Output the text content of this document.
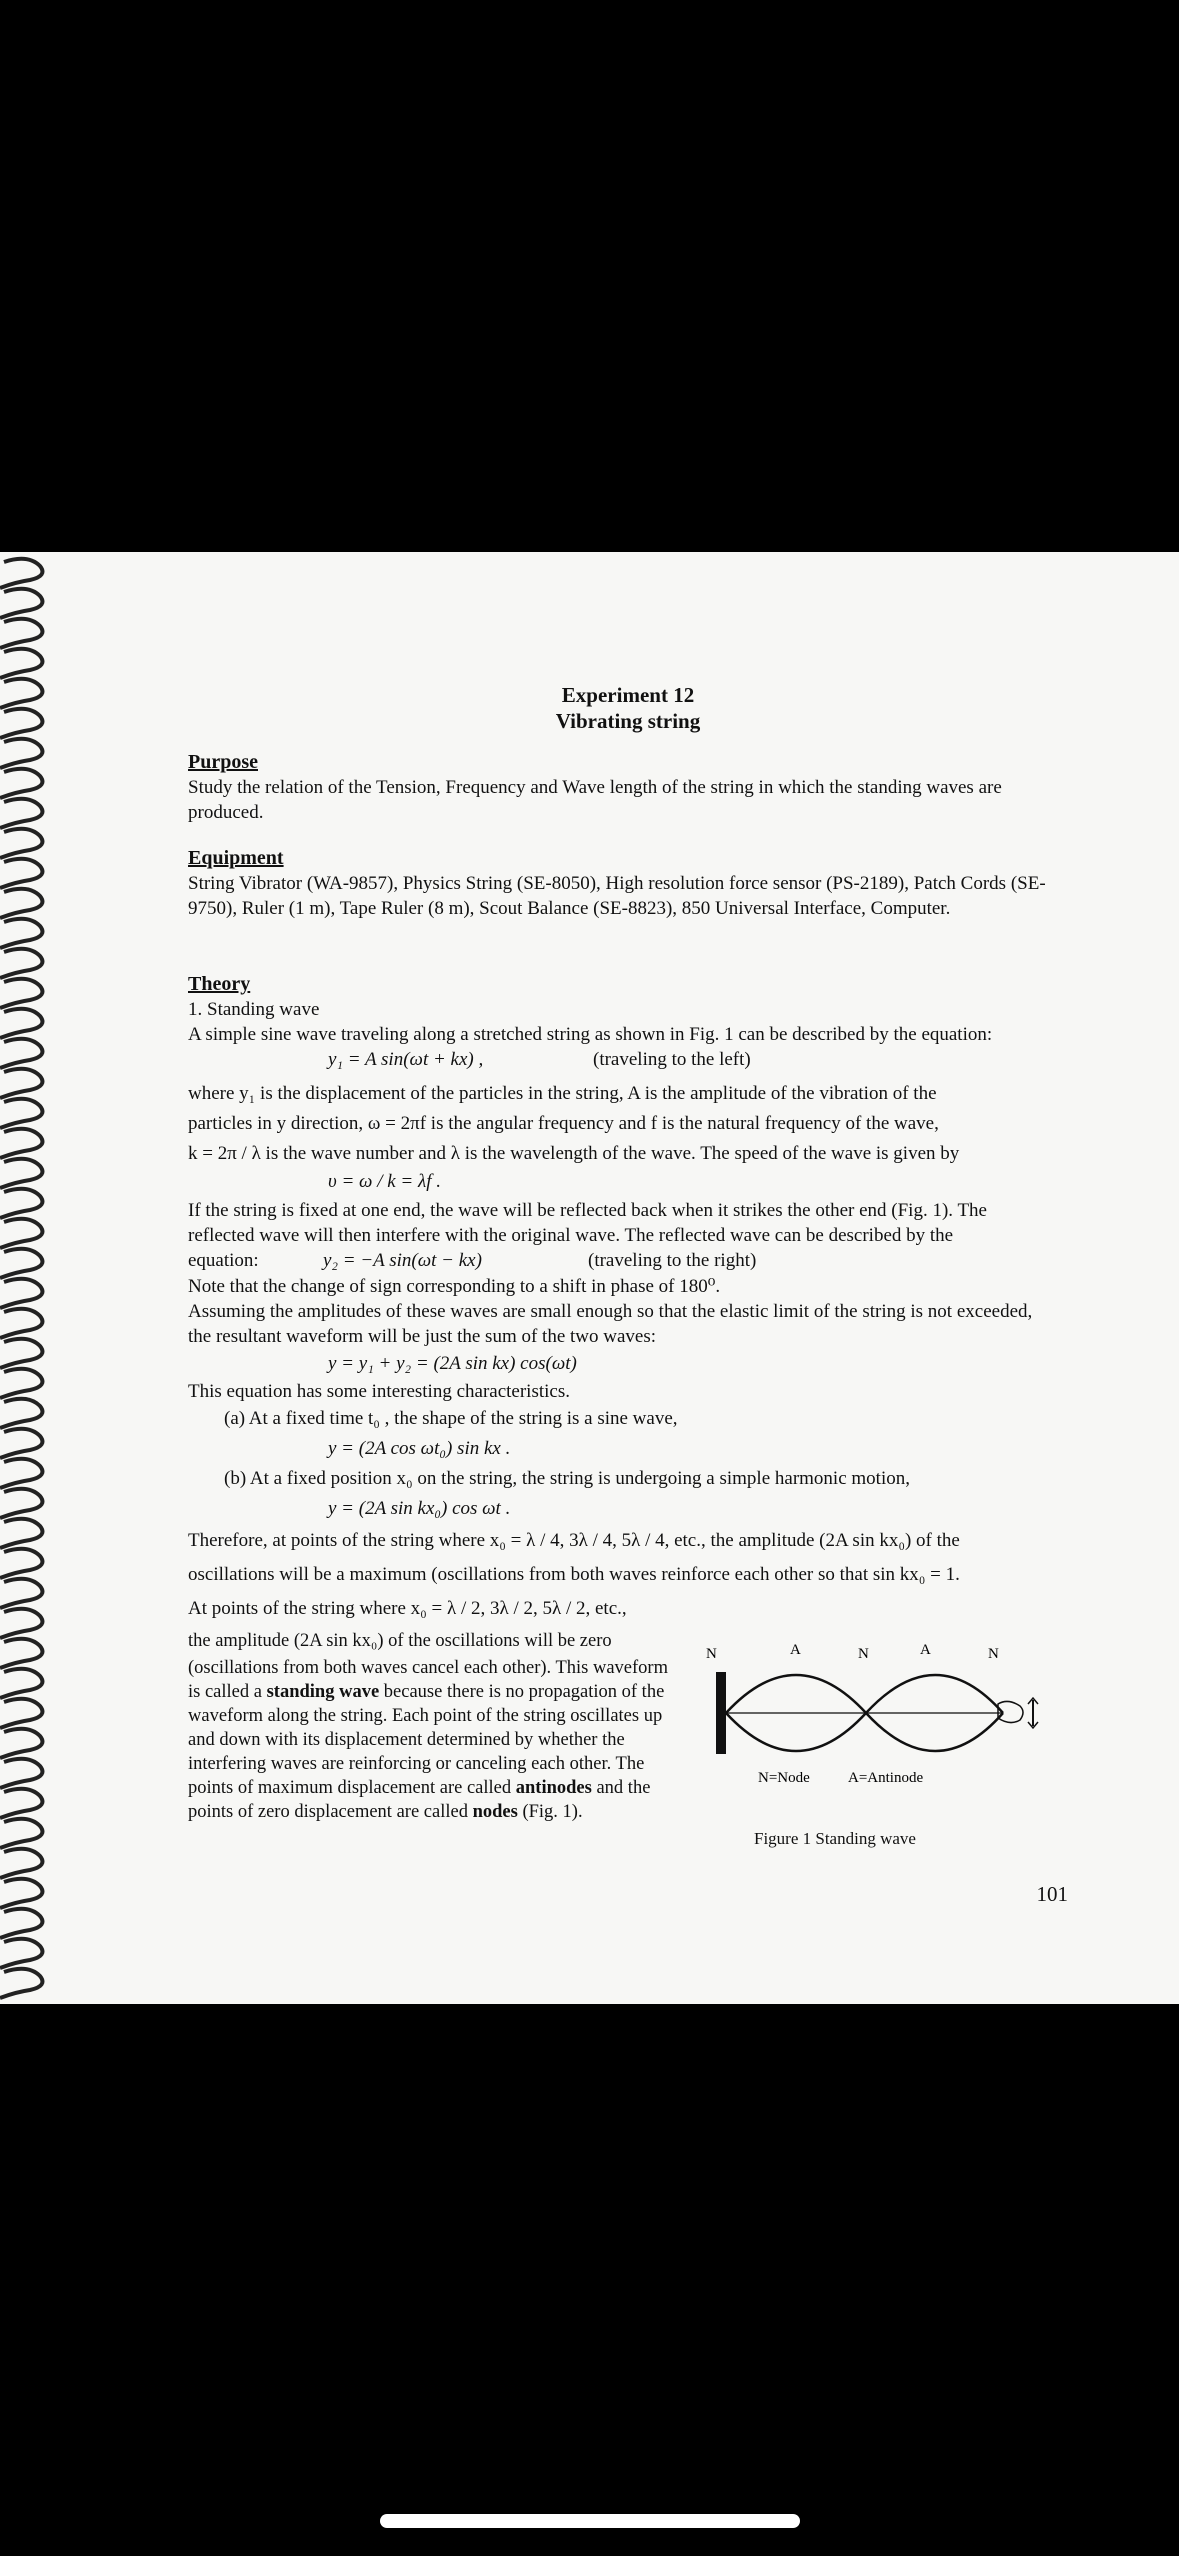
Experiment 12
Vibrating string
Purpose
Study the relation of the Tension, Frequency and Wave length of the string in which the standing waves are produced.
Equipment
String Vibrator (WA-9857), Physics String (SE-8050), High resolution force sensor (PS-2189), Patch Cords (SE-9750), Ruler (1 m), Tape Ruler (8 m), Scout Balance (SE-8823), 850 Universal Interface, Computer.
Theory
1. Standing wave
A simple sine wave traveling along a stretched string as shown in Fig. 1 can be described by the equation:
y₁ = A sin(ωt + kx) ,	(traveling to the left)
where y₁ is the displacement of the particles in the string, A is the amplitude of the vibration of the
particles in y direction, ω = 2πf is the angular frequency and f is the natural frequency of the wave,
k = 2π / λ is the wave number and λ is the wavelength of the wave. The speed of the wave is given by
υ = ω / k = λf .
If the string is fixed at one end, the wave will be reflected back when it strikes the other end (Fig. 1). The reflected wave will then interfere with the original wave. The reflected wave can be described by the
equation:	y₂ = −A sin(ωt − kx)	(traveling to the right)
Note that the change of sign corresponding to a shift in phase of 180⁰.
Assuming the amplitudes of these waves are small enough so that the elastic limit of the string is not exceeded, the resultant waveform will be just the sum of the two waves:
y = y₁ + y₂ = (2A sin kx) cos(ωt)
This equation has some interesting characteristics.
(a) At a fixed time t₀ , the shape of the string is a sine wave,
y = (2A cos ωt₀) sin kx .
(b) At a fixed position x₀ on the string, the string is undergoing a simple harmonic motion,
y = (2A sin kx₀) cos ωt .
Therefore, at points of the string where x₀ = λ / 4, 3λ / 4, 5λ / 4, etc., the amplitude (2A sin kx₀) of the
oscillations will be a maximum (oscillations from both waves reinforce each other so that sin kx₀ = 1.
At points of the string where x₀ = λ / 2, 3λ / 2, 5λ / 2, etc.,
the amplitude (2A sin kx₀) of the oscillations will be zero
(oscillations from both waves cancel each other). This waveform is called a standing wave because there is no propagation of the waveform along the string. Each point of the string oscillates up and down with its displacement determined by whether the interfering waves are reinforcing or canceling each other. The points of maximum displacement are called antinodes and the points of zero displacement are called nodes (Fig. 1).
N	A	N	A	N
N=Node	A=Antinode
Figure 1 Standing wave
101
